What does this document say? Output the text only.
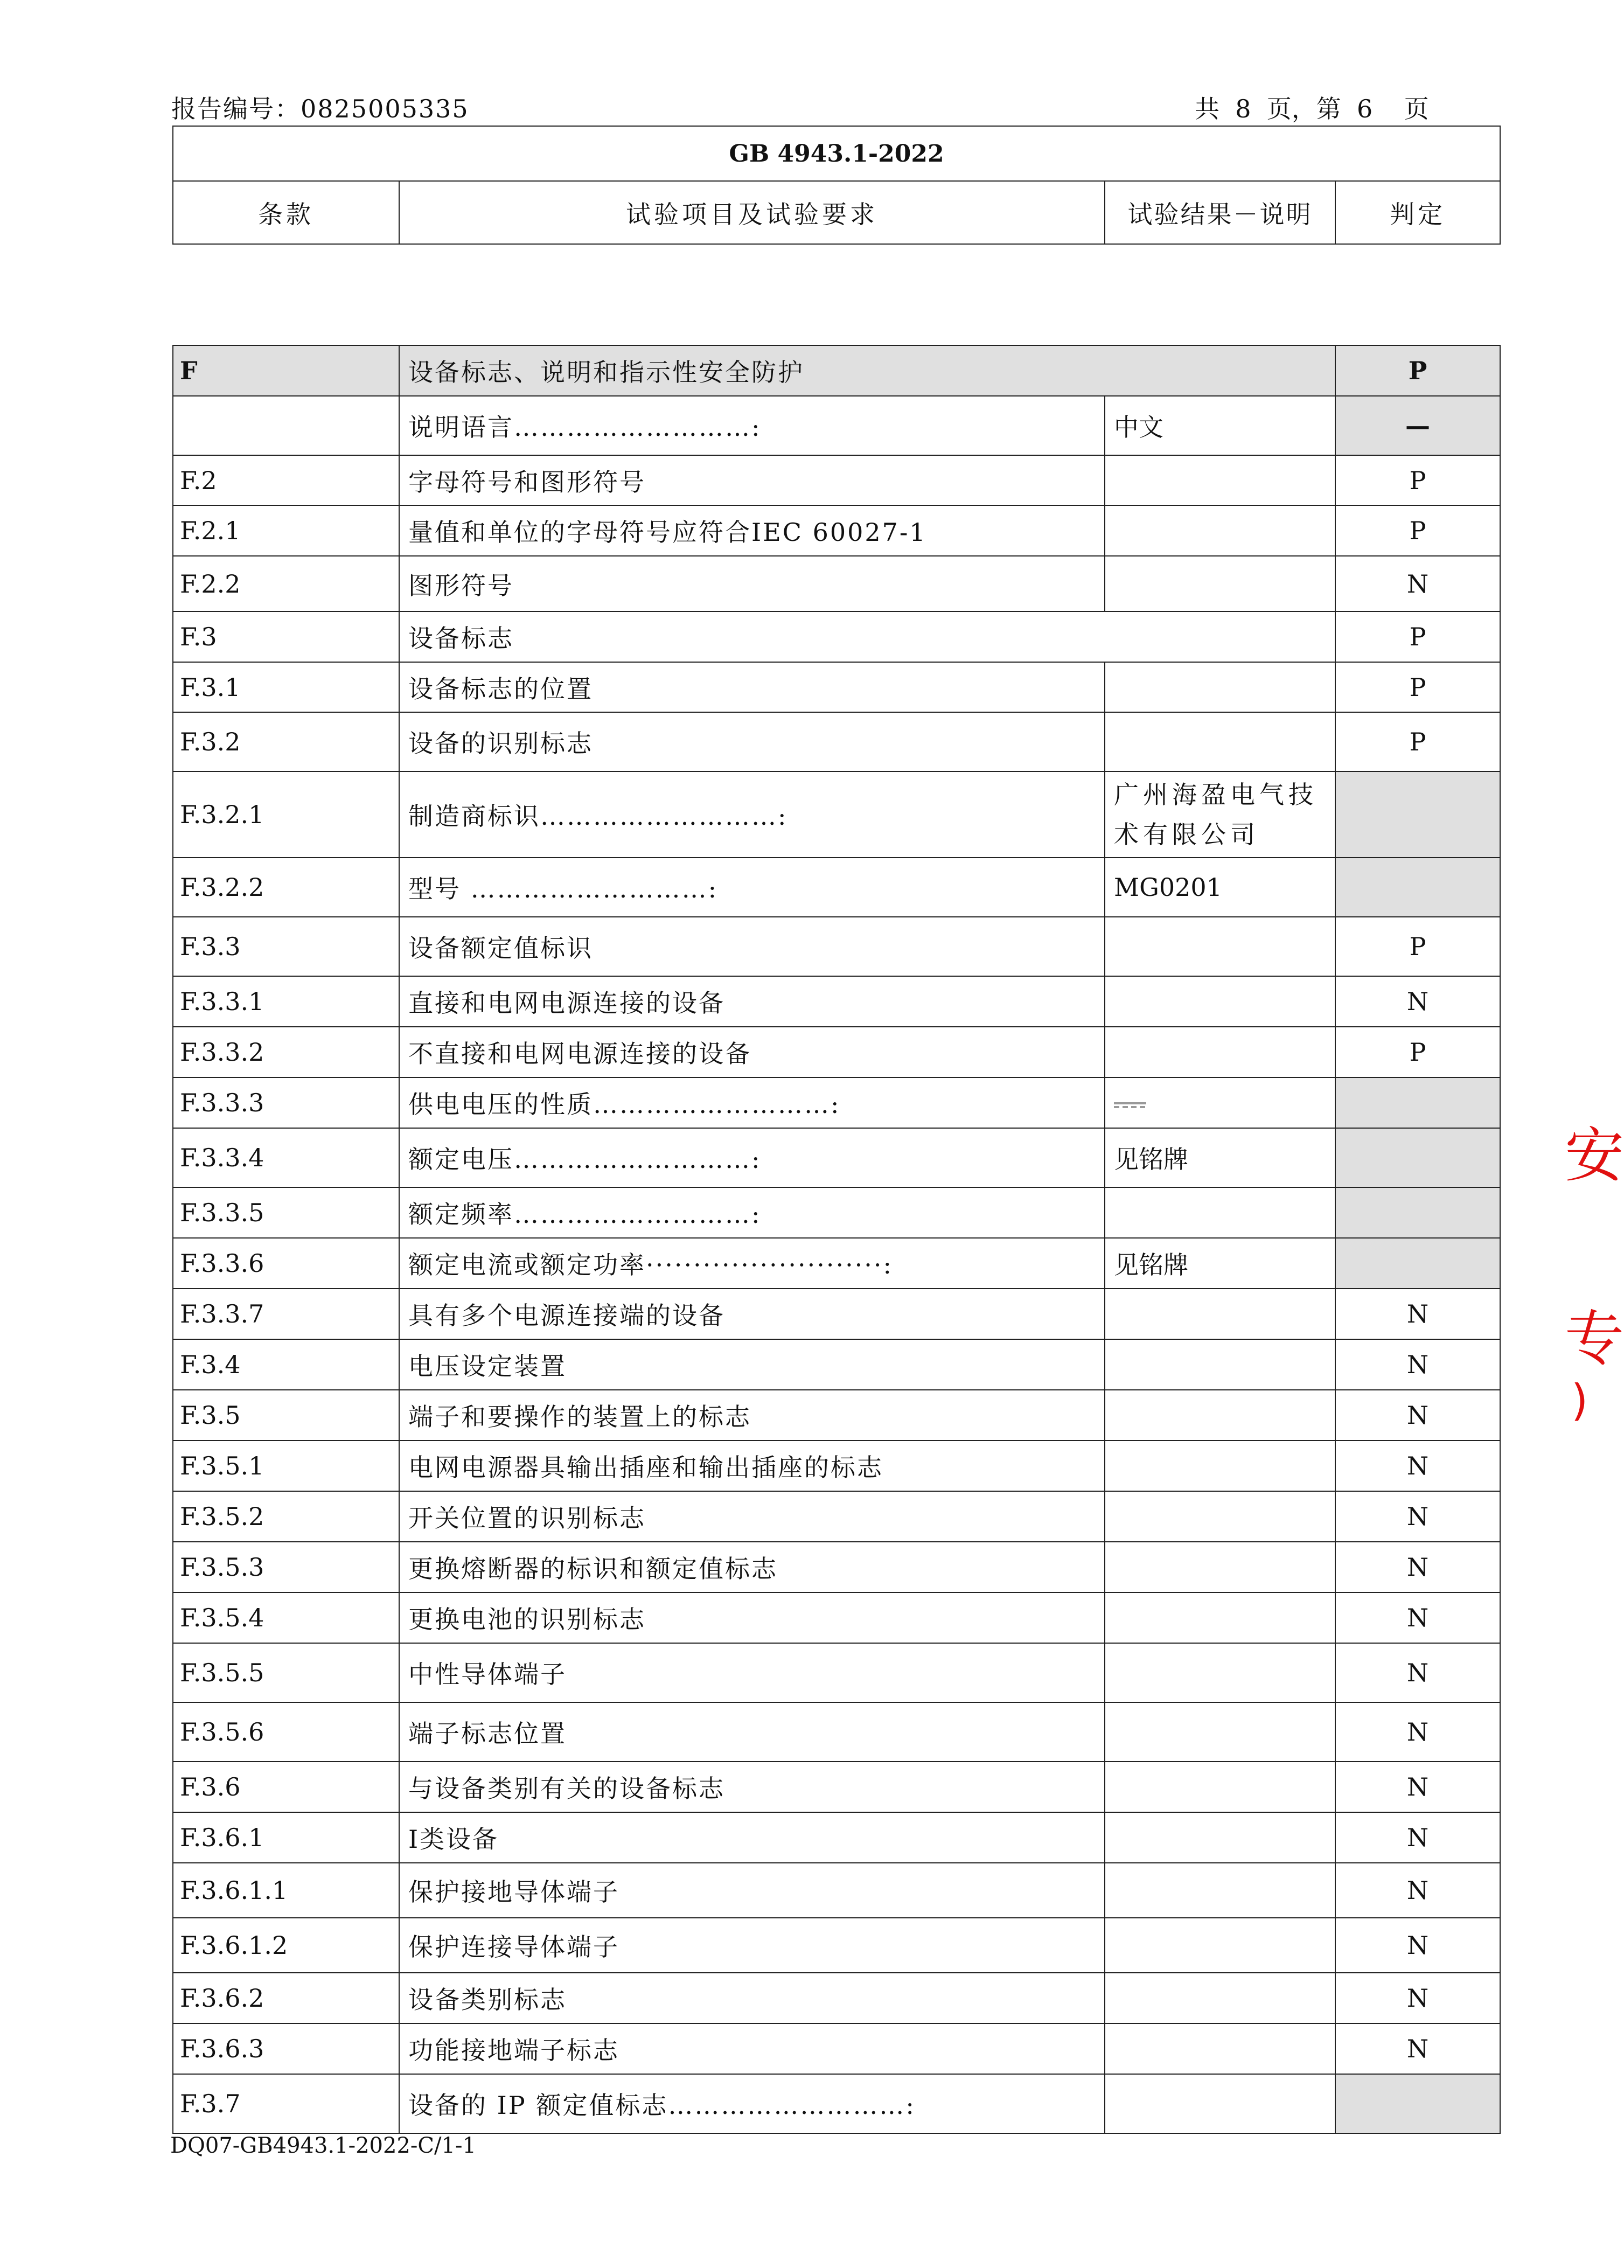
报告编号：0825005335	共  8  页，第  6    页
GB 4943.1-2022
条款	试验项目及试验要求	试验结果－说明	判定
F	设备标志、说明和指示性安全防护		P
	说明语言………………………:	中文	—
F.2	字母符号和图形符号		P
F.2.1	量值和单位的字母符号应符合IEC 60027-1		P
F.2.2	图形符号		N
F.3	设备标志		P
F.3.1	设备标志的位置		P
F.3.2	设备的识别标志		P
F.3.2.1	制造商标识………………………:	广州海盈电气技术有限公司	
F.3.2.2	型号 ………………………:	MG0201	
F.3.3	设备额定值标识		P
F.3.3.1	直接和电网电源连接的设备		N
F.3.3.2	不直接和电网电源连接的设备		P
F.3.3.3	供电电压的性质………………………:	

F.3.3.4	额定电压………………………:	见铭牌	
F.3.3.5	额定频率………………………:		
F.3.3.6	额定电流或额定功率·························:	见铭牌	
F.3.3.7	具有多个电源连接端的设备		N
F.3.4	电压设定装置		N
F.3.5	端子和要操作的装置上的标志		N
F.3.5.1	电网电源器具输出插座和输出插座的标志		N
F.3.5.2	开关位置的识别标志		N
F.3.5.3	更换熔断器的标识和额定值标志		N
F.3.5.4	更换电池的识别标志		N
F.3.5.5	中性导体端子		N
F.3.5.6	端子标志位置		N
F.3.6	与设备类别有关的设备标志		N
F.3.6.1	Ⅰ类设备		N
F.3.6.1.1	保护接地导体端子		N
F.3.6.1.2	保护连接导体端子		N
F.3.6.2	设备类别标志		N
F.3.6.3	功能接地端子标志		N
F.3.7	设备的 IP 额定值标志………………………:		
DQ07-GB4943.1-2022-C/1-1
安
专
)
